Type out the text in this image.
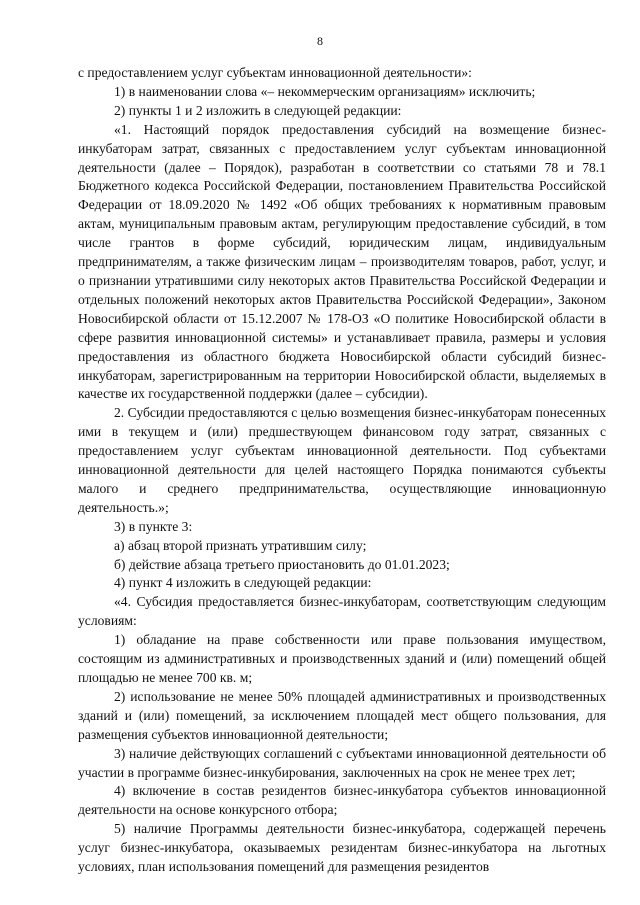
8

с предоставлением услуг субъектам инновационной деятельности»:

1) в наименовании слова «– некоммерческим организациям» исключить;

2) пункты 1 и 2 изложить в следующей редакции:

«1. Настоящий порядок предоставления субсидий на возмещение бизнес-инкубаторам затрат, связанных с предоставлением услуг субъектам инновационной деятельности (далее – Порядок), разработан в соответствии со статьями 78 и 78.1 Бюджетного кодекса Российской Федерации, постановлением Правительства Российской Федерации от 18.09.2020 № 1492 «Об общих требованиях к нормативным правовым актам, муниципальным правовым актам, регулирующим предоставление субсидий, в том числе грантов в форме субсидий, юридическим лицам, индивидуальным предпринимателям, а также физическим лицам – производителям товаров, работ, услуг, и о признании утратившими силу некоторых актов Правительства Российской Федерации и отдельных положений некоторых актов Правительства Российской Федерации», Законом Новосибирской области от 15.12.2007 № 178-ОЗ «О политике Новосибирской области в сфере развития инновационной системы» и устанавливает правила, размеры и условия предоставления из областного бюджета Новосибирской области субсидий бизнес-инкубаторам, зарегистрированным на территории Новосибирской области, выделяемых в качестве их государственной поддержки (далее – субсидии).

2. Субсидии предоставляются с целью возмещения бизнес-инкубаторам понесенных ими в текущем и (или) предшествующем финансовом году затрат, связанных с предоставлением услуг субъектам инновационной деятельности. Под субъектами инновационной деятельности для целей настоящего Порядка понимаются субъекты малого и среднего предпринимательства, осуществляющие инновационную деятельность.»;

3) в пункте 3:

а) абзац второй признать утратившим силу;

б) действие абзаца третьего приостановить до 01.01.2023;

4) пункт 4 изложить в следующей редакции:

«4. Субсидия предоставляется бизнес-инкубаторам, соответствующим следующим условиям:

1) обладание на праве собственности или праве пользования имуществом, состоящим из административных и производственных зданий и (или) помещений общей площадью не менее 700 кв. м;

2) использование не менее 50% площадей административных и производственных зданий и (или) помещений, за исключением площадей мест общего пользования, для размещения субъектов инновационной деятельности;

3) наличие действующих соглашений с субъектами инновационной деятельности об участии в программе бизнес-инкубирования, заключенных на срок не менее трех лет;

4) включение в состав резидентов бизнес-инкубатора субъектов инновационной деятельности на основе конкурсного отбора;

5) наличие Программы деятельности бизнес-инкубатора, содержащей перечень услуг бизнес-инкубатора, оказываемых резидентам бизнес-инкубатора на льготных условиях, план использования помещений для размещения резидентов
